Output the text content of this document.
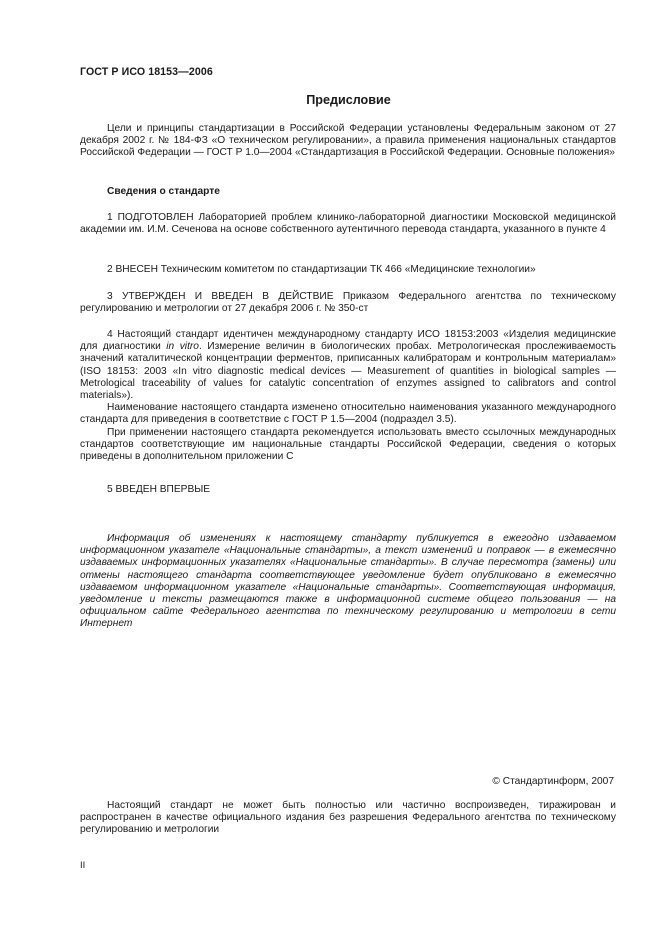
ГОСТ Р ИСО 18153—2006
Предисловие

Цели и принципы стандартизации в Российской Федерации установлены Федеральным законом от 27 декабря 2002 г. № 184-ФЗ «О техническом регулировании», а правила применения национальных стандартов Российской Федерации — ГОСТ Р 1.0—2004 «Стандартизация в Российской Федерации. Основные положения»

Сведения о стандарте

1 ПОДГОТОВЛЕН Лабораторией проблем клинико-лабораторной диагностики Московской медицинской академии им. И.М. Сеченова на основе собственного аутентичного перевода стандарта, указанного в пункте 4

2 ВНЕСЕН Техническим комитетом по стандартизации ТК 466 «Медицинские технологии»

3 УТВЕРЖДЕН И ВВЕДЕН В ДЕЙСТВИЕ Приказом Федерального агентства по техническому регулированию и метрологии от 27 декабря 2006 г. № 350-ст

4 Настоящий стандарт идентичен международному стандарту ИСО 18153:2003 «Изделия медицинские для диагностики in vitro. Измерение величин в биологических пробах. Метрологическая прослеживаемость значений каталитической концентрации ферментов, приписанных калибраторам и контрольным материалам» (ISO 18153: 2003 «In vitro diagnostic medical devices — Measurement of quantities in biological samples — Metrological traceability of values for catalytic concentration of enzymes assigned to calibrators and control materials»).

Наименование настоящего стандарта изменено относительно наименования указанного международного стандарта для приведения в соответствие с ГОСТ Р 1.5—2004 (подраздел 3.5).

При применении настоящего стандарта рекомендуется использовать вместо ссылочных международных стандартов соответствующие им национальные стандарты Российской Федерации, сведения о которых приведены в дополнительном приложении С

5 ВВЕДЕН ВПЕРВЫЕ

Информация об изменениях к настоящему стандарту публикуется в ежегодно издаваемом информационном указателе «Национальные стандарты», а текст изменений и поправок — в ежемесячно издаваемых информационных указателях «Национальные стандарты». В случае пересмотра (замены) или отмены настоящего стандарта соответствующее уведомление будет опубликовано в ежемесячно издаваемом информационном указателе «Национальные стандарты». Соответствующая информация, уведомление и тексты размещаются также в информационной системе общего пользования — на официальном сайте Федерального агентства по техническому регулированию и метрологии в сети Интернет

© Стандартинформ, 2007

Настоящий стандарт не может быть полностью или частично воспроизведен, тиражирован и распространен в качестве официального издания без разрешения Федерального агентства по техническому регулированию и метрологии

II
